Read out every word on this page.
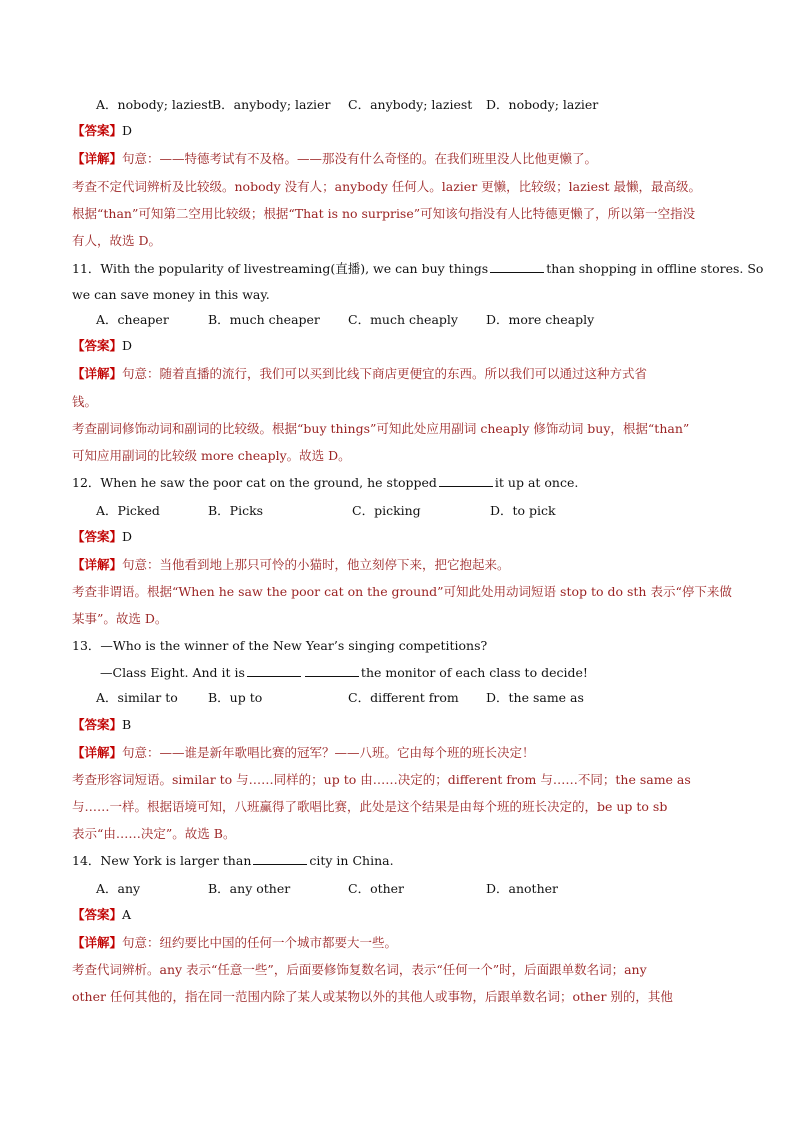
A．nobody; laziest B．anybody; lazier C．anybody; laziest D．nobody; lazier
【答案】D
【详解】句意：——特德考试有不及格。——那没有什么奇怪的。在我们班里没人比他更懒了。
考查不定代词辨析及比较级。nobody 没有人；anybody 任何人。lazier 更懒，比较级；laziest 最懒，最高级。
根据“than”可知第二空用比较级；根据“That is no surprise”可知该句指没有人比特德更懒了，所以第一空指没
有人，故选 D。
11．With the popularity of livestreaming(直播), we can buy things	than shopping in offline stores. So
we can save money in this way.
A．cheaper	B．much cheaper C．much cheaply D．more cheaply
【答案】D
【详解】句意：随着直播的流行，我们可以买到比线下商店更便宜的东西。所以我们可以通过这种方式省
钱。
考查副词修饰动词和副词的比较级。根据“buy things”可知此处应用副词 cheaply 修饰动词 buy，根据“than”
可知应用副词的比较级 more cheaply。故选 D。
12．When he saw the poor cat on the ground, he stopped	it up at once.
A．Picked	B．Picks	C．picking	D．to pick
【答案】D
【详解】句意：当他看到地上那只可怜的小猫时，他立刻停下来，把它抱起来。
考查非谓语。根据“When he saw the poor cat on the ground”可知此处用动词短语 stop to do sth 表示“停下来做
某事”。故选 D。
13．—Who is the winner of the New Year’s singing competitions?
—Class Eight. And it is	the monitor of each class to decide!
A．similar to B．up to	C．different from D．the same as
【答案】B
【详解】句意：——谁是新年歌唱比赛的冠军？——八班。它由每个班的班长决定！
考查形容词短语。similar to 与……同样的；up to 由……决定的；different from 与……不同；the same as
与……一样。根据语境可知，八班赢得了歌唱比赛，此处是这个结果是由每个班的班长决定的，be up to sb
表示“由……决定”。故选 B。
14．New York is larger than	city in China.
A．any	B．any other	C．other	D．another
【答案】A
【详解】句意：纽约要比中国的任何一个城市都要大一些。
考查代词辨析。any 表示“任意一些”，后面要修饰复数名词，表示“任何一个”时，后面跟单数名词；any
other 任何其他的，指在同一范围内除了某人或某物以外的其他人或事物，后跟单数名词；other 别的，其他
